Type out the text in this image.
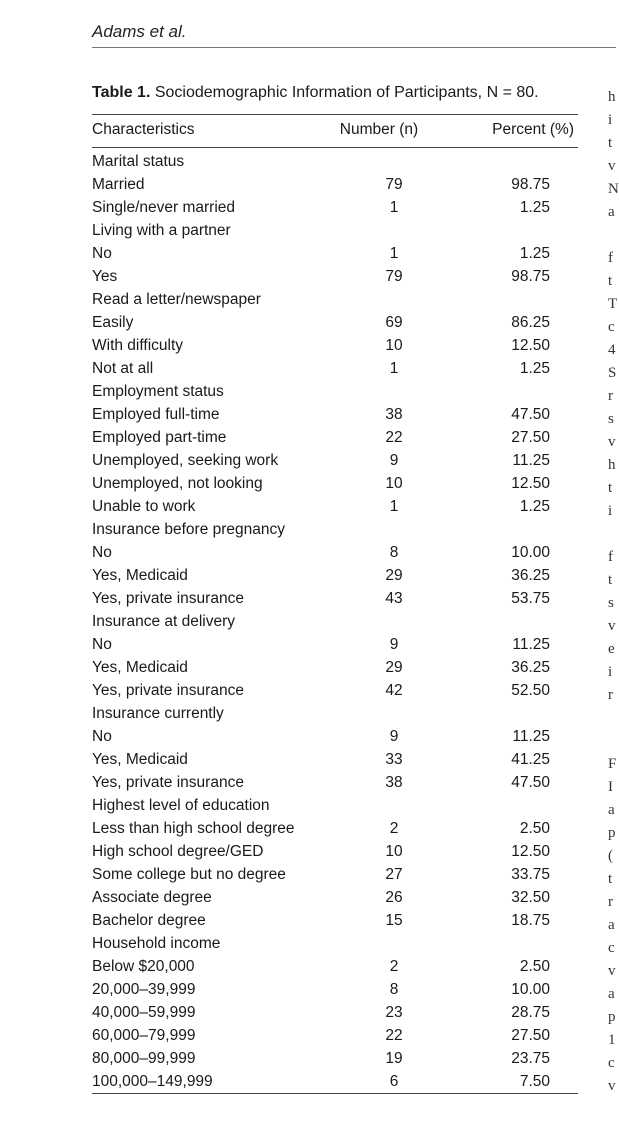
Adams et al.
Table 1. Sociodemographic Information of Participants, N = 80.
Characteristics	Number (n)	Percent (%)
Marital status		
Married	79	98.75
Single/never married	1	1.25
Living with a partner		
No	1	1.25
Yes	79	98.75
Read a letter/newspaper		
Easily	69	86.25
With difficulty	10	12.50
Not at all	1	1.25
Employment status		
Employed full-time	38	47.50
Employed part-time	22	27.50
Unemployed, seeking work	9	11.25
Unemployed, not looking	10	12.50
Unable to work	1	1.25
Insurance before pregnancy		
No	8	10.00
Yes, Medicaid	29	36.25
Yes, private insurance	43	53.75
Insurance at delivery		
No	9	11.25
Yes, Medicaid	29	36.25
Yes, private insurance	42	52.50
Insurance currently		
No	9	11.25
Yes, Medicaid	33	41.25
Yes, private insurance	38	47.50
Highest level of education		
Less than high school degree	2	2.50
High school degree/GED	10	12.50
Some college but no degree	27	33.75
Associate degree	26	32.50
Bachelor degree	15	18.75
Household income		
Below $20,000	2	2.50
20,000–39,999	8	10.00
40,000–59,999	23	28.75
60,000–79,999	22	27.50
80,000–99,999	19	23.75
100,000–149,999	6	7.50
h
i
t
v
N
a
f
t
T
c
4
S
r
s
v
h
t
i
f
t
s
v
e
i
r
F
I
a
p
(
t
r
a
c
v
a
p
1
c
v
